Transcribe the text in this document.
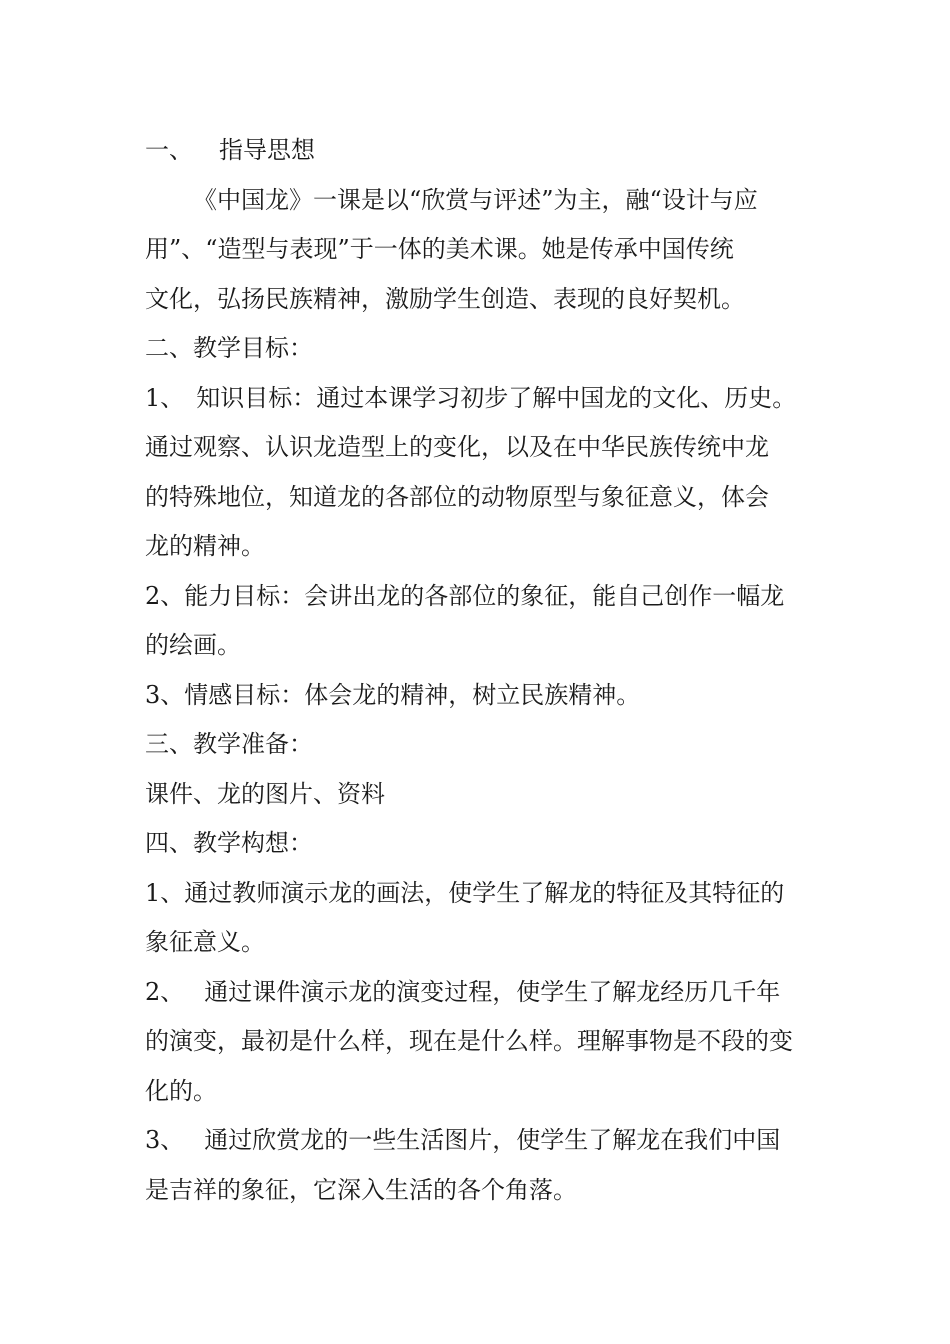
一、 指导思想
《中国龙》一课是以“欣赏与评述”为主，融“设计与应
用”、“造型与表现”于一体的美术课。她是传承中国传统
文化，弘扬民族精神，激励学生创造、表现的良好契机。
二、教学目标：
1、 知识目标：通过本课学习初步了解中国龙的文化、历史。
通过观察、认识龙造型上的变化，以及在中华民族传统中龙
的特殊地位，知道龙的各部位的动物原型与象征意义，体会
龙的精神。
2、能力目标：会讲出龙的各部位的象征，能自己创作一幅龙
的绘画。
3、情感目标：体会龙的精神，树立民族精神。
三、教学准备：
课件、龙的图片、资料
四、教学构想：
1、通过教师演示龙的画法，使学生了解龙的特征及其特征的
象征意义。
2、 通过课件演示龙的演变过程，使学生了解龙经历几千年
的演变，最初是什么样，现在是什么样。理解事物是不段的变
化的。
3、 通过欣赏龙的一些生活图片，使学生了解龙在我们中国
是吉祥的象征，它深入生活的各个角落。
